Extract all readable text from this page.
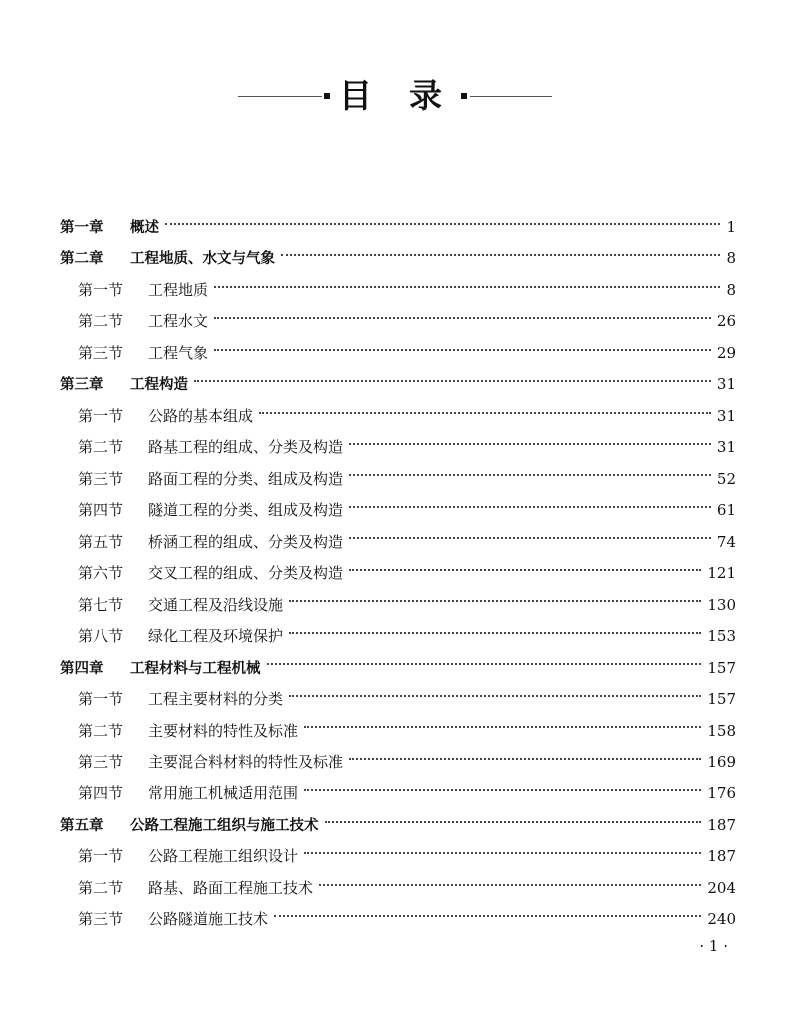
目 录
第一章	概述	1
第二章	工程地质、水文与气象	8
第一节	工程地质	8
第二节	工程水文	26
第三节	工程气象	29
第三章	工程构造	31
第一节	公路的基本组成	31
第二节	路基工程的组成、分类及构造	31
第三节	路面工程的分类、组成及构造	52
第四节	隧道工程的分类、组成及构造	61
第五节	桥涵工程的组成、分类及构造	74
第六节	交叉工程的组成、分类及构造	121
第七节	交通工程及沿线设施	130
第八节	绿化工程及环境保护	153
第四章	工程材料与工程机械	157
第一节	工程主要材料的分类	157
第二节	主要材料的特性及标准	158
第三节	主要混合料材料的特性及标准	169
第四节	常用施工机械适用范围	176
第五章	公路工程施工组织与施工技术	187
第一节	公路工程施工组织设计	187
第二节	路基、路面工程施工技术	204
第三节	公路隧道施工技术	240
· 1 ·
